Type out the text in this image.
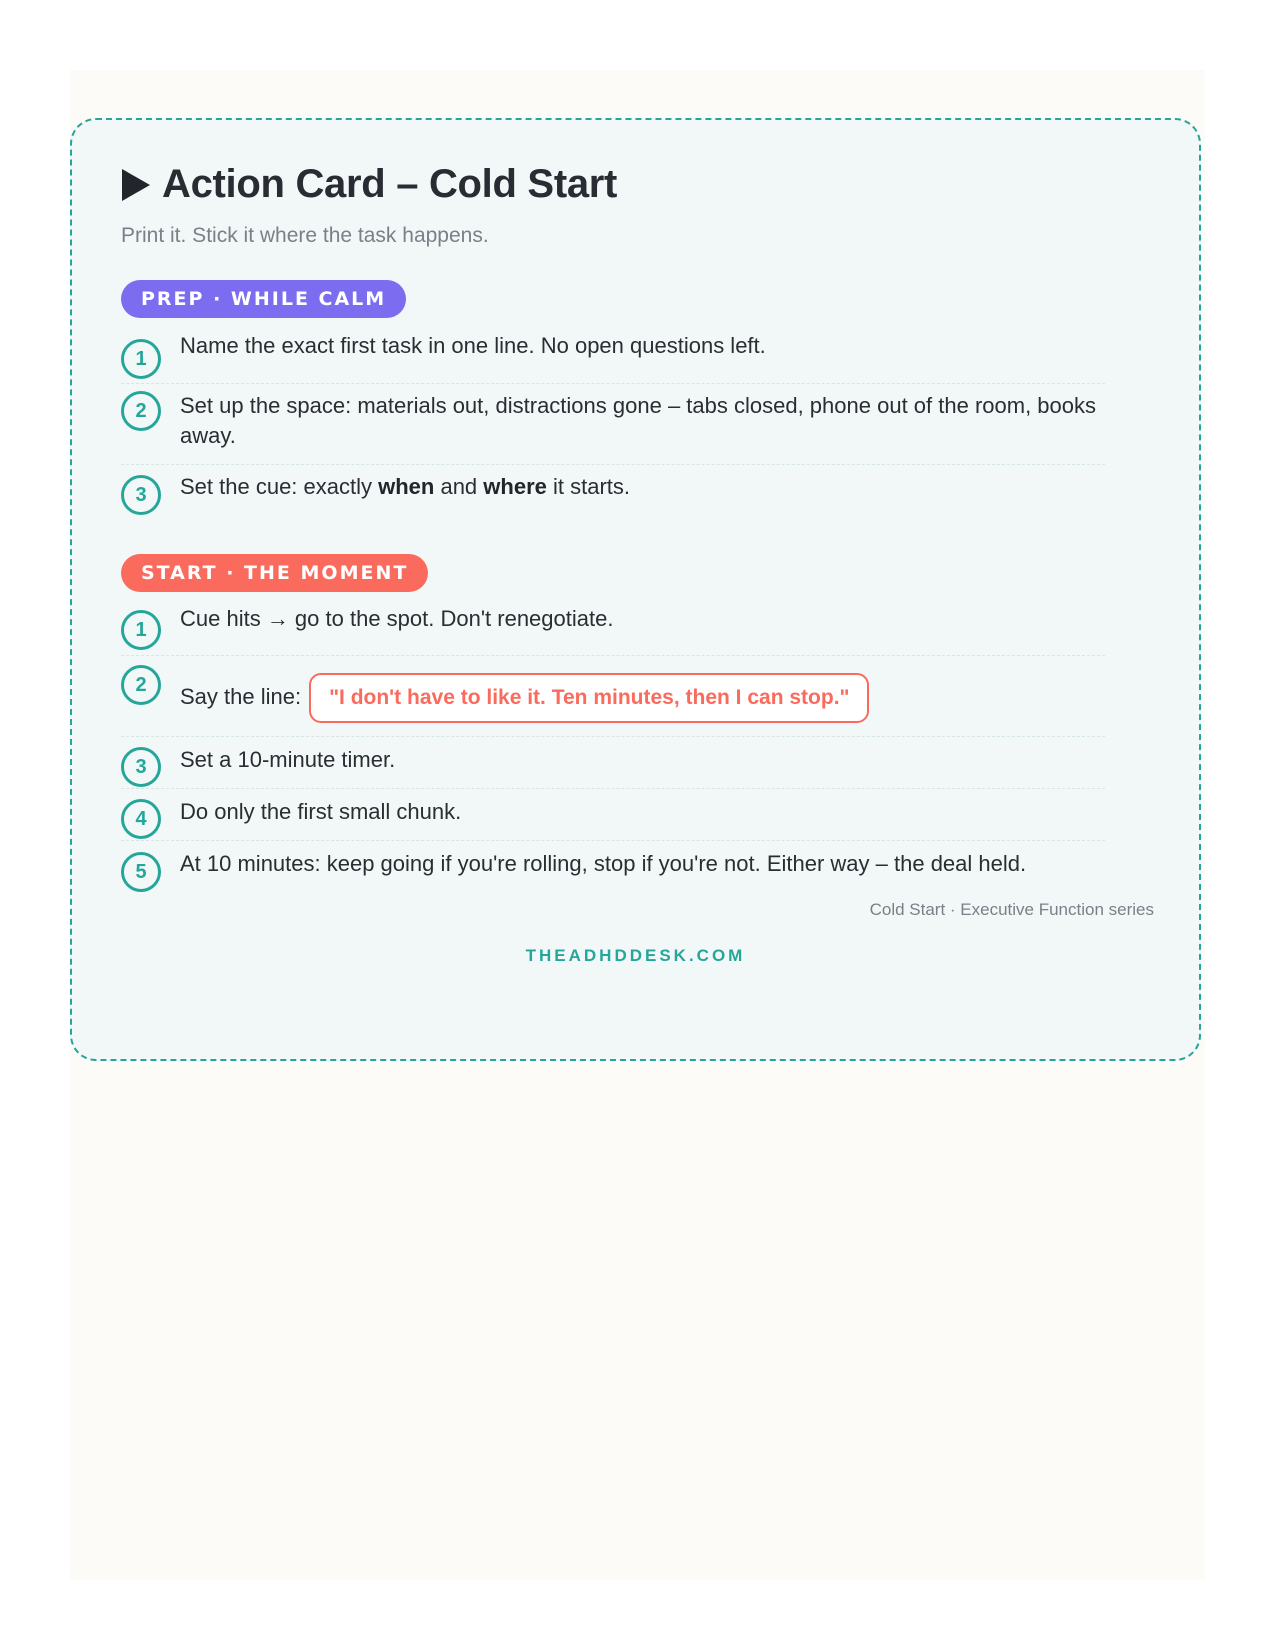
Action Card – Cold Start
Print it. Stick it where the task happens.
PREP · WHILE CALM
1
Name the exact first task in one line. No open questions left.
2	Set up the space: materials out, distractions gone – tabs closed, phone out of the room, books away.
3	Set the cue: exactly when and where it starts.
START · THE MOMENT
1	Cue hits → go to the spot. Don't renegotiate.
2	Say the line: "I don't have to like it. Ten minutes, then I can stop."
3	Set a 10-minute timer.
4	Do only the first small chunk.
5	At 10 minutes: keep going if you're rolling, stop if you're not. Either way – the deal held.
Cold Start · Executive Function series
THEADHDDESK.COM
